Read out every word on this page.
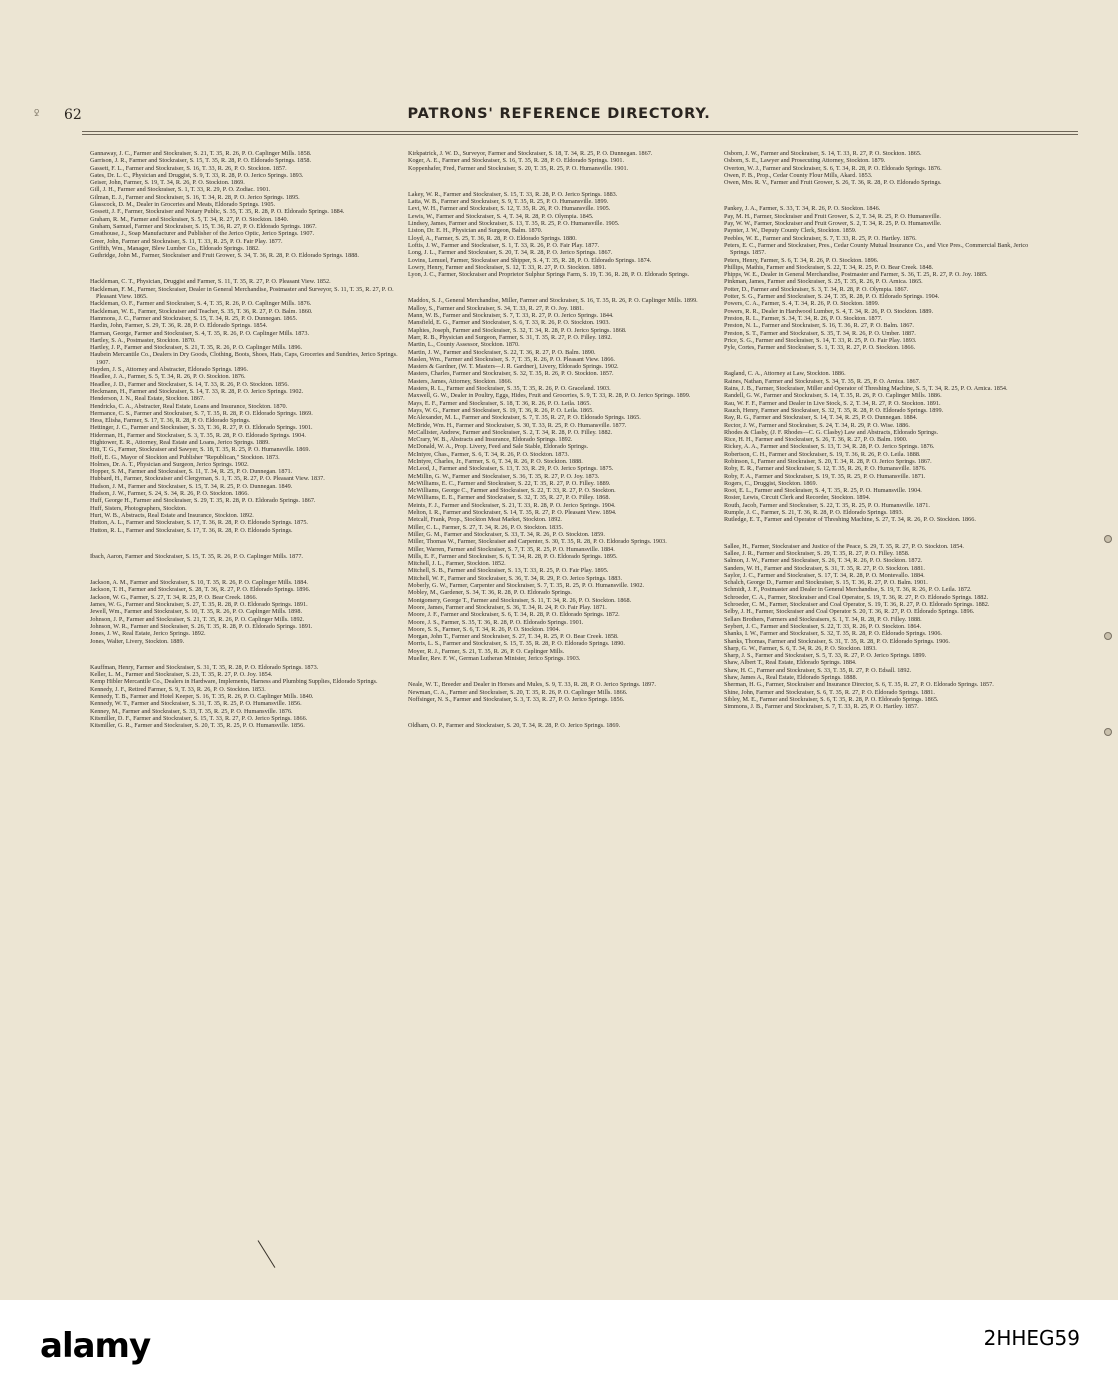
ꝿ	62	PATRONS' REFERENCE DIRECTORY.
Gannaway, J. C., Farmer and Stockraiser, S. 21, T. 35, R. 26, P. O. Caplinger Mills. 1858.
Garrison, J. R., Farmer and Stockraiser, S. 15, T. 35, R. 28, P. O. Eldorado Springs. 1858.
Gassett, F. L., Farmer and Stockraiser, S. 16, T. 33, R. 26, P. O. Stockton. 1857.
Gates, Dr. L. C., Physician and Druggist, S. 9, T. 33, R. 28, P. O. Jerico Springs. 1893.
Geiser, John, Farmer, S. 19, T. 34, R. 26, P. O. Stockton. 1869.
Gill, J. H., Farmer and Stockraiser, S. 1, T. 33, R. 29, P. O. Zodiac. 1901.
Gilman, E. J., Farmer and Stockraiser, S. 16, T. 34, R. 28, P. O. Jerico Springs. 1895.
Glasscock, D. M., Dealer in Groceries and Meats, Eldorado Springs. 1905.
Gossett, J. F., Farmer, Stockraiser and Notary Public, S. 35, T. 35, R. 28, P. O. Eldorado Springs. 1884.
Graham, R. M., Farmer and Stockraiser, S. 5, T. 34, R. 27, P. O. Stockton. 1840.
Graham, Samuel, Farmer and Stockraiser, S. 15, T. 36, R. 27, P. O. Eldorado Springs. 1867.
Greathouse, J., Soap Manufacturer and Publisher of the Jerico Optic, Jerico Springs. 1907.
Greer, John, Farmer and Stockraiser, S. 11, T. 33, R. 25, P. O. Fair Play. 1877.
Griffith, Wm., Manager, Blew Lumber Co., Eldorado Springs. 1882.
Guthridge, John M., Farmer, Stockraiser and Fruit Grower, S. 34, T. 36, R. 28, P. O. Eldorado Springs. 1888.
Hackleman, C. T., Physician, Druggist and Farmer, S. 11, T. 35, R. 27, P. O. Pleasant View. 1852.
Hackleman, F. M., Farmer, Stockraiser, Dealer in General Merchandise, Postmaster and Surveyor, S. 11, T. 35, R. 27, P. O. Pleasant View. 1865.
Hackleman, O. F., Farmer and Stockraiser, S. 4, T. 35, R. 26, P. O. Caplinger Mills. 1876.
Hackleman, W. E., Farmer, Stockraiser and Teacher, S. 35, T. 36, R. 27, P. O. Balm. 1860.
Hammons, J. C., Farmer and Stockraiser, S. 15, T. 34, R. 25, P. O. Dunnegan. 1865.
Hardin, John, Farmer, S. 29, T. 36, R. 28, P. O. Eldorado Springs. 1854.
Harman, George, Farmer and Stockraiser, S. 4, T. 35, R. 26, P. O. Caplinger Mills. 1873.
Hartley, S. A., Postmaster, Stockton. 1870.
Hartley, J. P., Farmer and Stockraiser, S. 21, T. 35, R. 26, P. O. Caplinger Mills. 1896.
Haubein Mercantile Co., Dealers in Dry Goods, Clothing, Boots, Shoes, Hats, Caps, Groceries and Sundries, Jerico Springs. 1907.
Hayden, J. S., Attorney and Abstracter, Eldorado Springs. 1896.
Headlee, J. A., Farmer, S. 5, T. 34, R. 26, P. O. Stockton. 1876.
Headlee, J. D., Farmer and Stockraiser, S. 14, T. 33, R. 26, P. O. Stockton. 1856.
Heckmann, H., Farmer and Stockraiser, S. 14, T. 33, R. 28, P. O. Jerico Springs. 1902.
Henderson, J. N., Real Estate, Stockton. 1867.
Hendricks, C. A., Abstracter, Real Estate, Loans and Insurance, Stockton. 1870.
Hermance, C. S., Farmer and Stockraiser, S. 7, T. 35, R. 28, P. O. Eldorado Springs. 1869.
Hess, Elisha, Farmer, S. 17, T. 36, R. 28, P. O. Eldorado Springs.
Hettinger, J. C., Farmer and Stockraiser, S. 33, T. 36, R. 27, P. O. Eldorado Springs. 1901.
Hiderman, H., Farmer and Stockraiser, S. 3, T. 35, R. 28, P. O. Eldorado Springs. 1904.
Hightower, E. R., Attorney, Real Estate and Loans, Jerico Springs. 1889.
Hitt, T. G., Farmer, Stockraiser and Sawyer, S. 18, T. 35, R. 25, P. O. Humansville. 1869.
Hoff, E. G., Mayor of Stockton and Publisher "Republican," Stockton. 1873.
Holmes, Dr. A. T., Physician and Surgeon, Jerico Springs. 1902.
Hopper, S. M., Farmer and Stockraiser, S. 11, T. 34, R. 25, P. O. Dunnegan. 1871.
Hubbard, H., Farmer, Stockraiser and Clergyman, S. 1, T. 35, R. 27, P. O. Pleasant View. 1837.
Hudson, J. M., Farmer and Stockraiser, S. 15, T. 34, R. 25, P. O. Dunnegan. 1849.
Hudson, J. W., Farmer, S. 24, S. 34, R. 26, P. O. Stockton. 1866.
Huff, George H., Farmer and Stockraiser, S. 29, T. 35, R. 28, P. O. Eldorado Springs. 1867.
Huff, Sisters, Photographers, Stockton.
Hurt, W. B., Abstracts, Real Estate and Insurance, Stockton. 1892.
Hutton, A. L., Farmer and Stockraiser, S. 17, T. 36, R. 28, P. O. Eldorado Springs. 1875.
Hutton, R. L., Farmer and Stockraiser, S. 17, T. 36, R. 28, P. O. Eldorado Springs.
Ibach, Aaron, Farmer and Stockraiser, S. 15, T. 35, R. 26, P. O. Caplinger Mills. 1877.
Jackson, A. M., Farmer and Stockraiser, S. 10, T. 35, R. 26, P. O. Caplinger Mills. 1884.
Jackson, T. H., Farmer and Stockraiser, S. 28, T. 36, R. 27, P. O. Eldorado Springs. 1896.
Jackson, W. G., Farmer, S. 27, T. 34, R. 25, P. O. Bear Creek. 1866.
James, W. G., Farmer and Stockraiser, S. 27, T. 35, R. 28, P. O. Eldorado Springs. 1891.
Jewell, Wm., Farmer and Stockraiser, S. 10, T. 35, R. 26, P. O. Caplinger Mills. 1898.
Johnson, J. P., Farmer and Stockraiser, S. 21, T. 35, R. 26, P. O. Caplinger Mills. 1892.
Johnson, W. R., Farmer and Stockraiser, S. 26, T. 35, R. 28, P. O. Eldorado Springs. 1891.
Jones, J. W., Real Estate, Jerico Springs. 1892.
Jones, Walter, Livery, Stockton. 1889.
Kauffman, Henry, Farmer and Stockraiser, S. 31, T. 35, R. 28, P. O. Eldorado Springs. 1873.
Keller, L. M., Farmer and Stockraiser, S. 23, T. 35, R. 27, P. O. Joy. 1854.
Kemp Hibler Mercantile Co., Dealers in Hardware, Implements, Harness and Plumbing Supplies, Eldorado Springs.
Kennedy, J. F., Retired Farmer, S. 9, T. 33, R. 26, P. O. Stockton. 1853.
Kennedy, T. B., Farmer and Hotel Keeper, S. 16, T. 35, R. 26, P. O. Caplinger Mills. 1840.
Kennedy, W. T., Farmer and Stockraiser, S. 31, T. 35, R. 25, P. O. Humansville. 1856.
Kenney, M., Farmer and Stockraiser, S. 33, T. 35, R. 25, P. O. Humansville. 1876.
Kitsmiller, D. F., Farmer and Stockraiser, S. 15, T. 33, R. 27, P. O. Jerico Springs. 1866.
Kitsmiller, G. R., Farmer and Stockraiser, S. 20, T. 35, R. 25, P. O. Humansville. 1856.
Kirkpatrick, J. W. D., Surveyor, Farmer and Stockraiser, S. 18, T. 34, R. 25, P. O. Dunnegan. 1867.
Koger, A. E., Farmer and Stockraiser, S. 16, T. 35, R. 28, P. O. Eldorado Springs. 1901.
Koppenhafer, Fred, Farmer and Stockraiser, S. 20, T. 35, R. 25, P. O. Humansville. 1901.
Lakey, W. R., Farmer and Stockraiser, S. 15, T. 33, R. 28, P. O. Jerico Springs. 1883.
Latta, W. B., Farmer and Stockraiser, S. 9, T. 35, R. 25, P. O. Humansville. 1899.
Levi, W. H., Farmer and Stockraiser, S. 12, T. 35, R. 26, P. O. Humansville. 1905.
Lewis, W., Farmer and Stockraiser, S. 4, T. 34, R. 28, P. O. Olympia. 1845.
Lindsey, James, Farmer and Stockraiser, S. 13, T. 35, R. 25, P. O. Humansville. 1905.
Liston, Dr. E. H., Physician and Surgeon, Balm. 1870.
Lloyd, A., Farmer, S. 25, T. 36, R. 28, P. O. Eldorado Springs. 1880.
Loftis, J. W., Farmer and Stockraiser, S. 1, T. 33, R. 26, P. O. Fair Play. 1877.
Long, J. L., Farmer and Stockraiser, S. 20, T. 34, R. 28, P. O. Jerico Springs. 1867.
Lovins, Lemuel, Farmer, Stockraiser and Shipper, S. 4, T. 35, R. 28, P. O. Eldorado Springs. 1874.
Lowry, Henry, Farmer and Stockraiser, S. 12, T. 33, R. 27, P. O. Stockton. 1891.
Lyon, J. C., Farmer, Stockraiser and Proprietor Sulphur Springs Farm, S. 19, T. 36, R. 28, P. O. Eldorado Springs.
Maddox, S. J., General Merchandise, Miller, Farmer and Stockraiser, S. 16, T. 35, R. 26, P. O. Caplinger Mills. 1899.
Malloy, S., Farmer and Stockraiser, S. 34, T. 33, R. 27, P. O. Joy. 1881.
Mann, W. B., Farmer and Stockraiser, S. 7, T. 33, R. 27, P. O. Jerico Springs. 1844.
Mansfield, E. G., Farmer and Stockraiser, S. 6, T. 33, R. 26, P. O. Stockton. 1903.
Maphies, Joseph, Farmer and Stockraiser, S. 32, T. 34, R. 28, P. O. Jerico Springs. 1868.
Marr, R. B., Physician and Surgeon, Farmer, S. 31, T. 35, R. 27, P. O. Filley. 1892.
Martin, L., County Assessor, Stockton. 1870.
Martin, J. W., Farmer and Stockraiser, S. 22, T. 36, R. 27, P. O. Balm. 1890.
Maslen, Wm., Farmer and Stockraiser, S. 7, T. 35, R. 26, P. O. Pleasant View. 1866.
Masters & Gardner, (W. T. Masters—J. R. Gardner), Livery, Eldorado Springs. 1902.
Masters, Charles, Farmer and Stockraiser, S. 32, T. 35, R. 26, P. O. Stockton. 1857.
Masters, James, Attorney, Stockton. 1866.
Masters, R. L., Farmer and Stockraiser, S. 35, T. 35, R. 26, P. O. Graceland. 1903.
Maxwell, G. W., Dealer in Poultry, Eggs, Hides, Fruit and Groceries, S. 9, T. 33, R. 28, P. O. Jerico Springs. 1899.
Mays, E. F., Farmer and Stockraiser, S. 18, T. 36, R. 26, P. O. Leila. 1865.
Mays, W. G., Farmer and Stockraiser, S. 19, T. 36, R. 26, P. O. Leila. 1865.
McAlexander, M. L., Farmer and Stockraiser, S. 7, T. 35, R. 27, P. O. Eldorado Springs. 1865.
McBride, Wm. H., Farmer and Stockraiser, S. 30, T. 33, R. 25, P. O. Humansville. 1877.
McCallister, Andrew, Farmer and Stockraiser, S. 2, T. 34, R. 28, P. O. Filley. 1882.
McCrary, W. B., Abstracts and Insurance, Eldorado Springs. 1892.
McDonald, W. A., Prop. Livery, Feed and Sale Stable, Eldorado Springs.
McIntyre, Chas., Farmer, S. 6, T. 34, R. 26, P. O. Stockton. 1873.
McIntyre, Charles, Jr., Farmer, S. 6, T. 34, R. 26, P. O. Stockton. 1888.
McLeod, J., Farmer and Stockraiser, S. 13, T. 33, R. 29, P. O. Jerico Springs. 1875.
McMillin, G. W., Farmer and Stockraiser, S. 36, T. 35, R. 27, P. O. Joy. 1873.
McWilliams, E. C., Farmer and Stockraiser, S. 22, T. 35, R. 27, P. O. Filley. 1889.
McWilliams, George C., Farmer and Stockraiser, S. 22, T. 33, R. 27, P. O. Stockton.
McWilliams, E. E., Farmer and Stockraiser, S. 32, T. 35, R. 27, P. O. Filley. 1868.
Meints, F. J., Farmer and Stockraiser, S. 21, T. 33, R. 28, P. O. Jerico Springs. 1904.
Melton, I. R., Farmer and Stockraiser, S. 14, T. 35, R. 27, P. O. Pleasant View. 1894.
Metcalf, Frank, Prop., Stockton Meat Market, Stockton. 1892.
Miller, C. L., Farmer, S. 27, T. 34, R. 26, P. O. Stockton. 1835.
Miller, G. M., Farmer and Stockraiser, S. 33, T. 34, R. 26, P. O. Stockton. 1859.
Miller, Thomas W., Farmer, Stockraiser and Carpenter, S. 30, T. 35, R. 28, P. O. Eldorado Springs. 1903.
Miller, Warren, Farmer and Stockraiser, S. 7, T. 35, R. 25, P. O. Humansville. 1884.
Mills, E. F., Farmer and Stockraiser, S. 6, T. 34, R. 28, P. O. Eldorado Springs. 1895.
Mitchell, J. L., Farmer, Stockton. 1852.
Mitchell, S. B., Farmer and Stockraiser, S. 13, T. 33, R. 25, P. O. Fair Play. 1895.
Mitchell, W. F., Farmer and Stockraiser, S. 36, T. 34, R. 29, P. O. Jerico Springs. 1883.
Moberly, G. W., Farmer, Carpenter and Stockraiser, S. 7, T. 35, R. 25, P. O. Humansville. 1902.
Mobley, M., Gardener, S. 34, T. 36, R. 28, P. O. Eldorado Springs.
Montgomery, George T., Farmer and Stockraiser, S. 11, T. 34, R. 26, P. O. Stockton. 1868.
Moore, James, Farmer and Stockraiser, S. 36, T. 34, R. 24, P. O. Fair Play. 1871.
Moore, J. F., Farmer and Stockraiser, S. 6, T. 34, R. 28, P. O. Eldorado Springs. 1872.
Moore, J. S., Farmer, S. 35, T. 36, R. 28, P. O. Eldorado Springs. 1901.
Moore, S. S., Farmer, S. 6, T. 34, R. 26, P. O. Stockton. 1904.
Morgan, John T., Farmer and Stockraiser, S. 27, T. 34, R. 25, P. O. Bear Creek. 1858.
Morris, L. S., Farmer and Stockraiser, S. 15, T. 35, R. 28, P. O. Eldorado Springs. 1890.
Moyer, R. J., Farmer, S. 21, T. 35, R. 26, P. O. Caplinger Mills.
Mueller, Rev. F. W., German Lutheran Minister, Jerico Springs. 1903.
Neale, W. T., Breeder and Dealer in Horses and Mules, S. 9, T. 33, R. 28, P. O. Jerico Springs. 1897.
Newman, C. A., Farmer and Stockraiser, S. 20, T. 35, R. 26, P. O. Caplinger Mills. 1866.
Noffsinger, N. S., Farmer and Stockraiser, S. 3, T. 33, R. 27, P. O. Jerico Springs. 1856.
Oldham, O. P., Farmer and Stockraiser, S. 20, T. 34, R. 28, P. O. Jerico Springs. 1869.
Osborn, J. W., Farmer and Stockraiser, S. 14, T. 33, R. 27, P. O. Stockton. 1865.
Osborn, S. E., Lawyer and Prosecuting Attorney, Stockton. 1879.
Overton, W. J., Farmer and Stockraiser, S. 6, T. 34, R. 28, P. O. Eldorado Springs. 1876.
Owen, F. B., Prop., Cedar County Flour Mills, Akard. 1853.
Owen, Mrs. R. V., Farmer and Fruit Grower, S. 26, T. 36, R. 28, P. O. Eldorado Springs.
Pankey, J. A., Farmer, S. 33, T. 34, R. 26, P. O. Stockton. 1846.
Pay, M. H., Farmer, Stockraiser and Fruit Grower, S. 2, T. 34, R. 25, P. O. Humansville.
Pay, W. W., Farmer, Stockraiser and Fruit Grower, S. 2, T. 34, R. 25, P. O. Humansville.
Paynter, J. W., Deputy County Clerk, Stockton. 1859.
Peebles, W. E., Farmer and Stockraiser, S. 7, T. 33, R. 25, P. O. Hartley. 1876.
Peters, E. C., Farmer and Stockraiser, Pres., Cedar County Mutual Insurance Co., and Vice Pres., Commercial Bank, Jerico Springs. 1857.
Peters, Henry, Farmer, S. 6, T. 34, R. 26, P. O. Stockton. 1896.
Phillips, Mathis, Farmer and Stockraiser, S. 22, T. 34, R. 25, P. O. Bear Creek. 1848.
Phipps, W. E., Dealer in General Merchandise, Postmaster and Farmer, S. 36, T. 25, R. 27, P. O. Joy. 1885.
Pinkman, James, Farmer and Stockraiser, S. 25, T. 35, R. 26, P. O. Arnica. 1865.
Potter, D., Farmer and Stockraiser, S. 3, T. 34, R. 28, P. O. Olympia. 1867.
Potter, S. G., Farmer and Stockraiser, S. 24, T. 35, R. 28, P. O. Eldorado Springs. 1904.
Powers, C. A., Farmer, S. 4, T. 34, R. 26, P. O. Stockton. 1899.
Powers, R. R., Dealer in Hardwood Lumber, S. 4, T. 34, R. 26, P. O. Stockton. 1889.
Preston, R. L., Farmer, S. 34, T. 34, R. 26, P. O. Stockton. 1877.
Preston, N. L., Farmer and Stockraiser, S. 16, T. 36, R. 27, P. O. Balm. 1867.
Preston, S. T., Farmer and Stockraiser, S. 35, T. 34, R. 26, P. O. Umber. 1887.
Price, S. G., Farmer and Stockraiser, S. 14, T. 33, R. 25, P. O. Fair Play. 1893.
Pyle, Cortes, Farmer and Stockraiser, S. 1, T. 33, R. 27, P. O. Stockton. 1866.
Ragland, C. A., Attorney at Law, Stockton. 1886.
Raines, Nathan, Farmer and Stockraiser, S. 34, T. 35, R. 25, P. O. Arnica. 1867.
Rains, J. B., Farmer, Stockraiser, Miller and Operator of Threshing Machine, S. 5, T. 34, R. 25, P. O. Arnica. 1854.
Randell, G. W., Farmer and Stockraiser, S. 14, T. 35, R. 26, P. O. Caplinger Mills. 1886.
Rau, W. F. F., Farmer and Dealer in Live Stock, S. 2, T. 34, R. 27, P. O. Stockton. 1891.
Rauch, Henry, Farmer and Stockraiser, S. 32, T. 35, R. 28, P. O. Eldorado Springs. 1899.
Ray, R. G., Farmer and Stockraiser, S. 14, T. 34, R. 25, P. O. Dunnegan. 1884.
Rector, J. W., Farmer and Stockraiser, S. 24, T. 34, R. 29, P. O. Wise. 1886.
Rhodes & Clasby, (J. F. Rhodes—C. G. Clasby) Law and Abstracts, Eldorado Springs.
Rice, H. H., Farmer and Stockraiser, S. 26, T. 36, R. 27, P. O. Balm. 1900.
Rickey, A. A., Farmer and Stockraiser, S. 13, T. 34, R. 28, P. O. Jerico Springs. 1876.
Robertson, C. H., Farmer and Stockraiser, S. 19, T. 36, R. 26, P. O. Leila. 1888.
Robinson, I., Farmer and Stockraiser, S. 20, T. 34, R. 28, P. O. Jerico Springs. 1867.
Roby, E. R., Farmer and Stockraiser, S. 12, T. 35, R. 26, P. O. Humansville. 1876.
Roby, F. A., Farmer and Stockraiser, S. 19, T. 35, R. 25, P. O. Humansville. 1871.
Rogers, C., Druggist, Stockton. 1869.
Root, E. L., Farmer and Stockraiser, S. 4, T. 35, R. 25, P. O. Humansville. 1904.
Rosier, Lewis, Circuit Clerk and Recorder, Stockton. 1894.
Routh, Jacob, Farmer and Stockraiser, S. 22, T. 35, R. 25, P. O. Humansville. 1871.
Rumple, J. C., Farmer, S. 21, T. 36, R. 28, P. O. Eldorado Springs. 1893.
Rutledge, E. T., Farmer and Operator of Threshing Machine, S. 27, T. 34, R. 26, P. O. Stockton. 1866.
Sallee, H., Farmer, Stockraiser and Justice of the Peace, S. 29, T. 35, R. 27, P. O. Stockton. 1854.
Sallee, J. R., Farmer and Stockraiser, S. 29, T. 35, R. 27, P. O. Filley. 1858.
Salmon, J. W., Farmer and Stockraiser, S. 26, T. 34, R. 26, P. O. Stockton. 1872.
Sanders, W. H., Farmer and Stockraiser, S. 31, T. 35, R. 27, P. O. Stockton. 1881.
Saylor, J. C., Farmer and Stockraiser, S. 17, T. 34, R. 28, P. O. Montevallo. 1884.
Schalch, George D., Farmer and Stockraiser, S. 15, T. 36, R. 27, P. O. Balm. 1901.
Schmidt, J. F., Postmaster and Dealer in General Merchandise, S. 19, T. 36, R. 26, P. O. Leila. 1872.
Schroeder, C. A., Farmer, Stockraiser and Coal Operator, S. 19, T. 36, R. 27, P. O. Eldorado Springs. 1882.
Schroeder, C. M., Farmer, Stockraiser and Coal Operator, S. 19, T. 36, R. 27, P. O. Eldorado Springs. 1882.
Selby, J. H., Farmer, Stockraiser and Coal Operator S. 20, T. 36, R. 27, P. O. Eldorado Springs. 1896.
Sellars Brothers, Farmers and Stockraisers, S. 1, T. 34, R. 28, P. O. Filley. 1888.
Seybert, J. C., Farmer and Stockraiser, S. 22, T. 33, R. 26, P. O. Stockton. 1864.
Shanks, I. W., Farmer and Stockraiser, S. 32, T. 35, R. 28, P. O. Eldorado Springs. 1906.
Shanks, Thomas, Farmer and Stockraiser, S. 31, T. 35, R. 28, P. O. Eldorado Springs. 1906.
Sharp, G. W., Farmer, S. 6, T. 34, R. 26, P. O. Stockton. 1893.
Sharp, J. S., Farmer and Stockraiser, S. 5, T. 33, R. 27, P. O. Jerico Springs. 1899.
Shaw, Albert T., Real Estate, Eldorado Springs. 1884.
Shaw, H. C., Farmer and Stockraiser, S. 33, T. 35, R. 27, P. O. Edsall. 1892.
Shaw, James A., Real Estate, Eldorado Springs. 1888.
Sherman, H. G., Farmer, Stockraiser and Insurance Director, S. 6, T. 35, R. 27, P. O. Eldorado Springs. 1857.
Shine, John, Farmer and Stockraiser, S. 6, T. 35, R. 27, P. O. Eldorado Springs. 1881.
Sibley, M. E., Farmer and Stockraiser, S. 6, T. 35, R. 28, P. O. Eldorado Springs. 1865.
Simmons, J. B., Farmer and Stockraiser, S. 7, T. 33, R. 25, P. O. Hartley. 1857.
alamy	2HHEG59
